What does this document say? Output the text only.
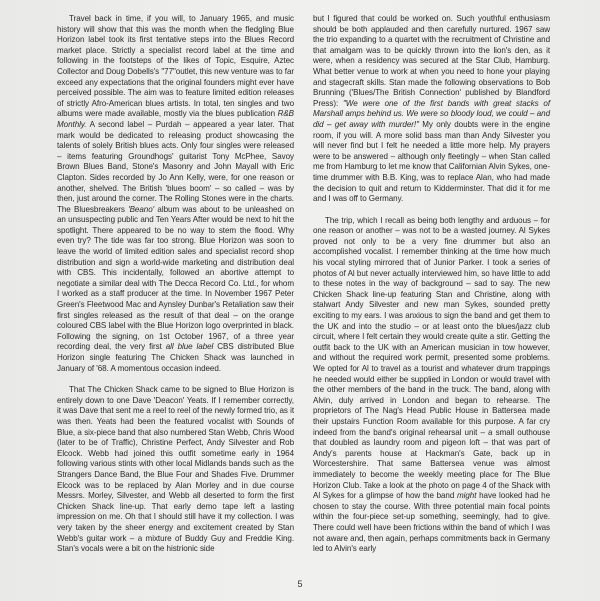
Travel back in time, if you will, to January 1965, and music history will show that this was the month when the fledgling Blue Horizon label took its first tentative steps into the Blues Record market place. Strictly a specialist record label at the time and following in the footsteps of the likes of Topic, Esquire, Aztec Collector and Doug Dobells's "77"outlet, this new venture was to far exceed any expectations that the original founders might ever have perceived possible. The aim was to feature limited edition releases of strictly Afro-American blues artists. In total, ten singles and two albums were made available, mostly via the blues publication R&B Monthly. A second label – Purdah – appeared a year later. That mark would be dedicated to releasing product showcasing the talents of solely British blues acts. Only four singles were released – items featuring Groundhogs' guitarist Tony McPhee, Savoy Brown Blues Band, Stone's Masonry and John Mayall with Eric Clapton. Sides recorded by Jo Ann Kelly, were, for one reason or another, shelved. The British 'blues boom' – so called – was by then, just around the corner. The Rolling Stones were in the charts. The Bluesbreakers 'Beano' album was about to be unleashed on an unsuspecting public and Ten Years After would be next to hit the spotlight. There appeared to be no way to stem the flood. Why even try? The tide was far too strong. Blue Horizon was soon to leave the world of limited edition sales and specialist record shop distribution and sign a world-wide marketing and distribution deal with CBS. This incidentally, followed an abortive attempt to negotiate a similar deal with The Decca Record Co. Ltd., for whom I worked as a staff producer at the time. In November 1967 Peter Green's Fleetwood Mac and Aynsley Dunbar's Retaliation saw their first singles released as the result of that deal – on the orange coloured CBS label with the Blue Horizon logo overprinted in black. Following the signing, on 1st October 1967, of a three year recording deal, the very first all blue label CBS distributed Blue Horizon single featuring The Chicken Shack was launched in January of '68. A momentous occasion indeed.

That The Chicken Shack came to be signed to Blue Horizon is entirely down to one Dave 'Deacon' Yeats. If I remember correctly, it was Dave that sent me a reel to reel of the newly formed trio, as it was then. Yeats had been the featured vocalist with Sounds of Blue, a six-piece band that also numbered Stan Webb, Chris Wood (later to be of Traffic), Christine Perfect, Andy Silvester and Rob Elcock. Webb had joined this outfit sometime early in 1964 following various stints with other local Midlands bands such as the Strangers Dance Band, the Blue Four and Shades Five. Drummer Elcock was to be replaced by Alan Morley and in due course Messrs. Morley, Silvester, and Webb all deserted to form the first Chicken Shack line-up. That early demo tape left a lasting impression on me. Oh that I should still have it my collection. I was very taken by the sheer energy and excitement created by Stan Webb's guitar work – a mixture of Buddy Guy and Freddie King. Stan's vocals were a bit on the histrionic side

but I figured that could be worked on. Such youthful enthusiasm should be both applauded and then carefully nurtured. 1967 saw the trio expanding to a quartet with the recruitment of Christine and that amalgam was to be quickly thrown into the lion's den, as it were, when a residency was secured at the Star Club, Hamburg. What better venue to work at when you need to hone your playing and stagecraft skills. Stan made the following observations to Bob Brunning ('Blues/The British Connection' published by Blandford Press): "We were one of the first bands with great stacks of Marshall amps behind us. We were so bloody loud, we could – and did – get away with murder!" My only doubts were in the engine room, if you will. A more solid bass man than Andy Silvester you will never find but I felt he needed a little more help. My prayers were to be answered – although only fleetingly – when Stan called me from Hamburg to let me know that Californian Alvin Sykes, one-time drummer with B.B. King, was to replace Alan, who had made the decision to quit and return to Kidderminster. That did it for me and I was off to Germany.

The trip, which I recall as being both lengthy and arduous – for one reason or another – was not to be a wasted journey. Al Sykes proved not only to be a very fine drummer but also an accomplished vocalist. I remember thinking at the time how much his vocal styling mirrored that of Junior Parker. I took a series of photos of Al but never actually interviewed him, so have little to add to these notes in the way of background – sad to say. The new Chicken Shack line-up featuring Stan and Christine, along with stalwart Andy Silvester and new man Sykes, sounded pretty exciting to my ears. I was anxious to sign the band and get them to the UK and into the studio – or at least onto the blues/jazz club circuit, where I felt certain they would create quite a stir. Getting the outfit back to the UK with an American musician in tow however, and without the required work permit, presented some problems. We opted for Al to travel as a tourist and whatever drum trappings he needed would either be supplied in London or would travel with the other members of the band in the truck. The band, along with Alvin, duly arrived in London and began to rehearse. The proprietors of The Nag's Head Public House in Battersea made their upstairs Function Room available for this purpose. A far cry indeed from the band's original rehearsal unit – a small outhouse that doubled as laundry room and pigeon loft – that was part of Andy's parents house at Hackman's Gate, back up in Worcestershire. That same Battersea venue was almost immediately to become the weekly meeting place for The Blue Horizon Club. Take a look at the photo on page 4 of the Shack with Al Sykes for a glimpse of how the band might have looked had he chosen to stay the course. With three potential main focal points within the four-piece set-up something, seemingly, had to give. There could well have been frictions within the band of which I was not aware and, then again, perhaps commitments back in Germany led to Alvin's early

5
